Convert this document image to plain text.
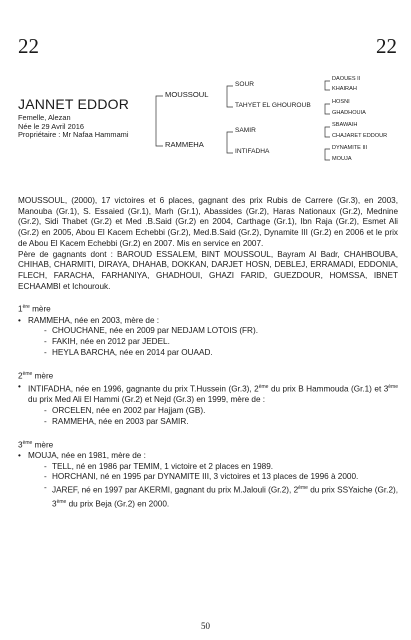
22	22
MOUSSOUL
RAMMEHA
SOUR
TAHYET EL GHOUROUB
SAMIR
INTIFADHA
DAOUES II
KHAIRAH
HOSNI
GHADHOUIA
SBAWAIH
CHAJARET EDDOUR
DYNAMITE III
MOUJA
JANNET EDDOR
Femelle, Alezan
Née le 29 Avril 2016
Propriétaire : Mr Nafaa Hammami

MOUSSOUL, (2000), 17 victoires et 6 places, gagnant des prix Rubis de Carrere (Gr.3), en 2003, Manouba (Gr.1), S. Essaied (Gr.1), Marh (Gr.1), Abassides (Gr.2), Haras Nationaux (Gr.2), Mednine (Gr.2), Sidi Thabet (Gr.2) et Med .B.Said (Gr.2) en 2004, Carthage (Gr.1), Ibn Raja (Gr.2), Esmet Ali (Gr.2) en 2005, Abou El Kacem Echebbi (Gr.2), Med.B.Said (Gr.2), Dynamite III (Gr.2) en 2006 et le prix de Abou El Kacem Echebbi (Gr.2) en 2007. Mis en service en 2007.

Père de gagnants dont : BAROUD ESSALEM, BINT MOUSSOUL, Bayram Al Badr, CHAHBOUBA, CHIHAB, CHARMITI, DIRAYA, DHAHAB, DOKKAN, DARJET HOSN, DEBLEJ, ERRAMADI, EDDONIA, FLECH, FARACHA, FARHANIYA, GHADHOUI, GHAZI FARID, GUEZDOUR, HOMSSA, IBNET ECHAAMBI et Ichourouk.

1ère mère

• RAMMEHA, née en 2003, mère de :

- CHOUCHANE, née en 2009 par NEDJAM LOTOIS (FR).

- FAKIH, née en 2012 par JEDEL.

- HEYLA BARCHA, née en 2014 par OUAAD.

2ème mère

• INTIFADHA, née en 1996, gagnante du prix T.Hussein (Gr.3), 2ème du prix B Hammouda (Gr.1) et 3ème du prix Med Ali El Hammi (Gr.2) et Nejd (Gr.3) en 1999, mère de :

- ORCELEN, née en 2002 par Hajjam (GB).

- RAMMEHA, née en 2003 par SAMIR.

3ème mère

• MOUJA, née en 1981, mère de :

- TELL, né en 1986 par TEMIM, 1 victoire et 2 places en 1989.

- HORCHANI, né en 1995 par DYNAMITE III, 3 victoires et 13 places de 1996 à 2000.

- JAREF, né en 1997 par AKERMI, gagnant du prix M.Jalouli (Gr.2), 2ème du prix SSYaiche (Gr.2), 3ème du prix Beja (Gr.2) en 2000.

50
